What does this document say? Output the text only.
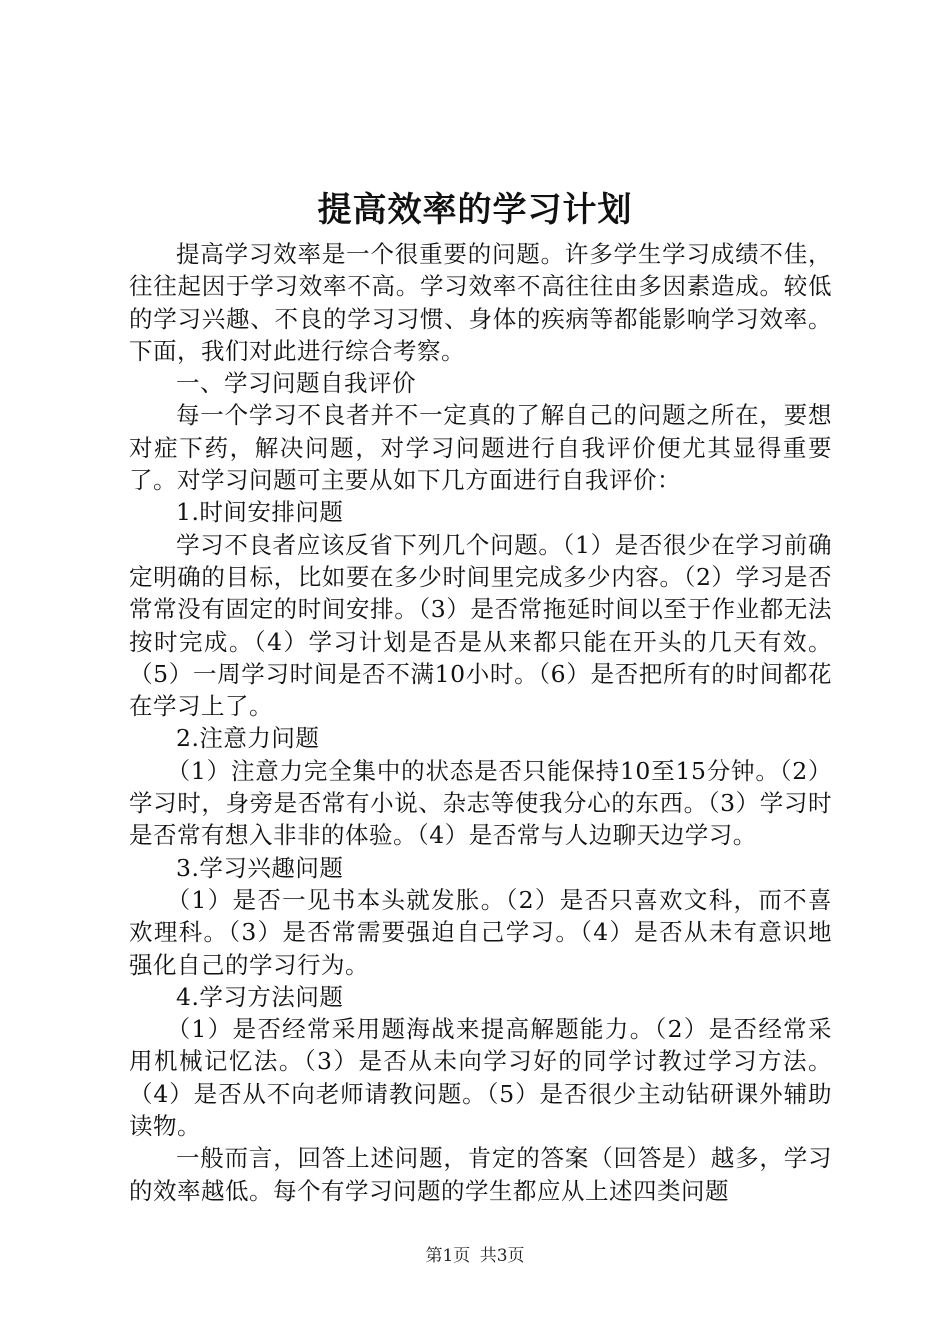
提高效率的学习计划

提高学习效率是一个很重要的问题。许多学生学习成绩不佳，往往起因于学习效率不高。学习效率不高往往由多因素造成。较低的学习兴趣、不良的学习习惯、身体的疾病等都能影响学习效率。下面，我们对此进行综合考察。

一、学习问题自我评价

每一个学习不良者并不一定真的了解自己的问题之所在，要想对症下药，解决问题，对学习问题进行自我评价便尤其显得重要了。对学习问题可主要从如下几方面进行自我评价：

1.时间安排问题

学习不良者应该反省下列几个问题。（1）是否很少在学习前确定明确的目标，比如要在多少时间里完成多少内容。（2）学习是否常常没有固定的时间安排。（3）是否常拖延时间以至于作业都无法按时完成。（4）学习计划是否是从来都只能在开头的几天有效。（5）一周学习时间是否不满10小时。（6）是否把所有的时间都花在学习上了。

2.注意力问题

（1）注意力完全集中的状态是否只能保持10至15分钟。（2）学习时，身旁是否常有小说、杂志等使我分心的东西。（3）学习时是否常有想入非非的体验。（4）是否常与人边聊天边学习。

3.学习兴趣问题

（1）是否一见书本头就发胀。（2）是否只喜欢文科，而不喜欢理科。（3）是否常需要强迫自己学习。（4）是否从未有意识地强化自己的学习行为。

4.学习方法问题

（1）是否经常采用题海战来提高解题能力。（2）是否经常采用机械记忆法。（3）是否从未向学习好的同学讨教过学习方法。（4）是否从不向老师请教问题。（5）是否很少主动钻研课外辅助读物。

一般而言，回答上述问题，肯定的答案（回答是）越多，学习的效率越低。每个有学习问题的学生都应从上述四类问题

第1页 共3页
